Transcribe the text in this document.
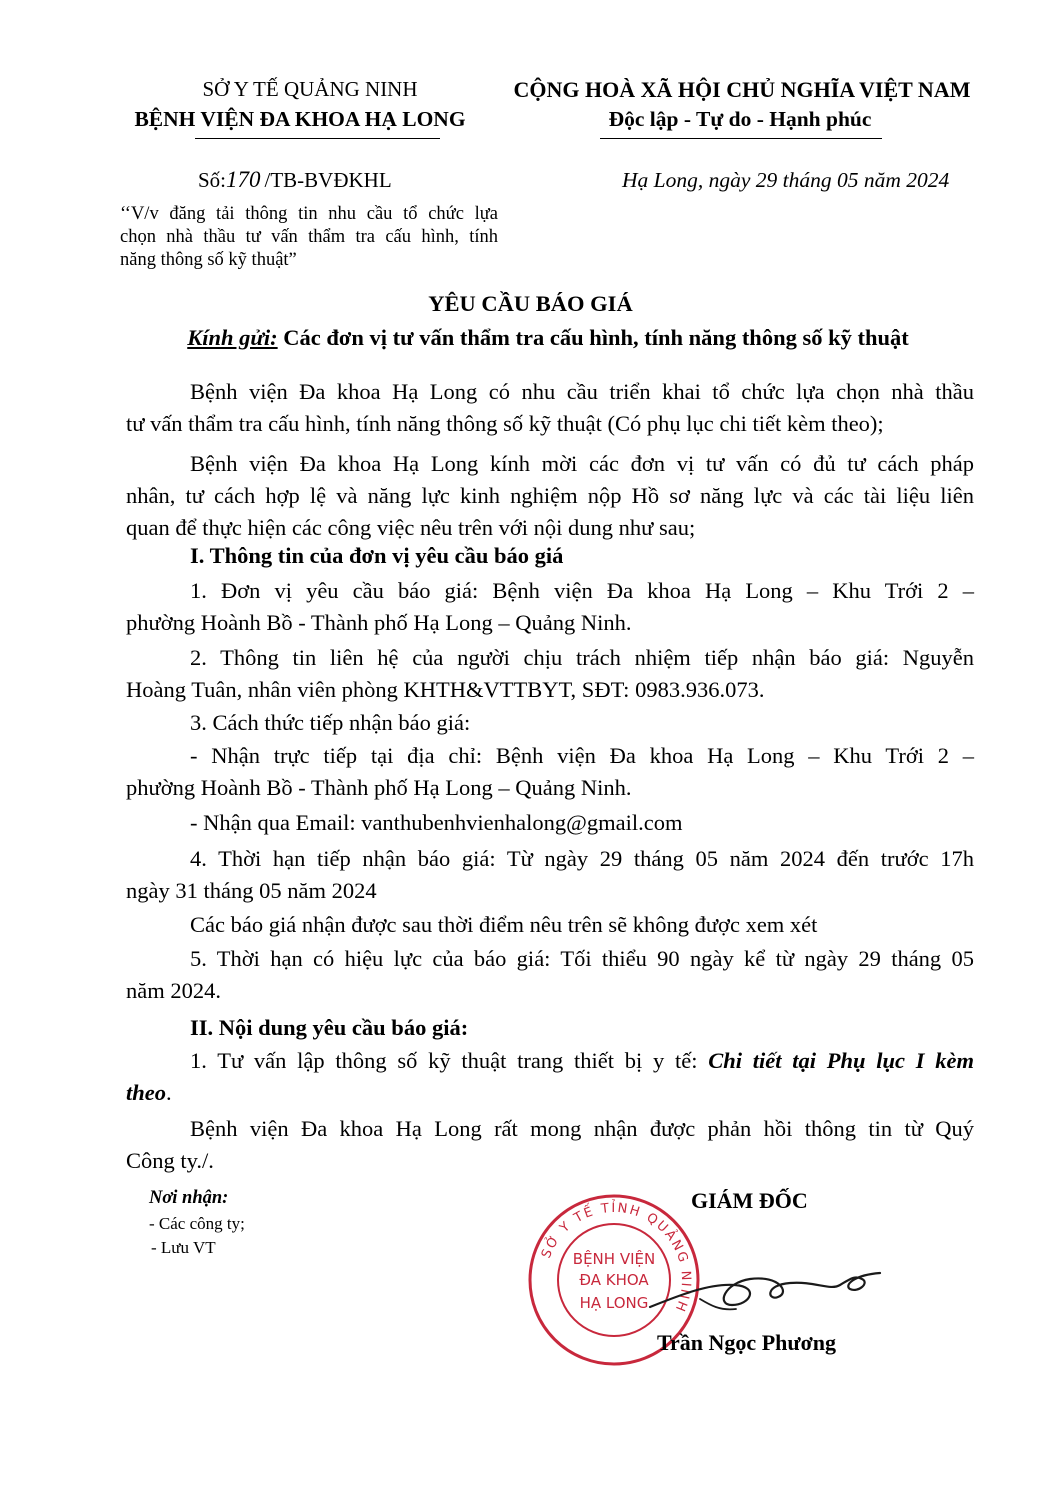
SỞ Y TẾ QUẢNG NINH
BỆNH VIỆN ĐA KHOA HẠ LONG
Số:170 /TB-BVĐKHL
‘‘V/v đăng tải thông tin nhu cầu tổ chức lựa
chọn nhà thầu tư vấn thẩm tra cấu hình, tính
năng thông số kỹ thuật”
CỘNG HOÀ XÃ HỘI CHỦ NGHĨA VIỆT NAM
Độc lập - Tự do - Hạnh phúc
Hạ Long, ngày 29 tháng 05 năm 2024
YÊU CẦU BÁO GIÁ
Kính gửi: Các đơn vị tư vấn thẩm tra cấu hình, tính năng thông số kỹ thuật
Bệnh viện Đa khoa Hạ Long có nhu cầu triển khai tổ chức lựa chọn nhà thầu
tư vấn thẩm tra cấu hình, tính năng thông số kỹ thuật (Có phụ lục chi tiết kèm theo);
Bệnh viện Đa khoa Hạ Long kính mời các đơn vị tư vấn có đủ tư cách pháp
nhân, tư cách hợp lệ và năng lực kinh nghiệm nộp Hồ sơ năng lực và các tài liệu liên
quan để thực hiện các công việc nêu trên với nội dung như sau;
I. Thông tin của đơn vị yêu cầu báo giá
1. Đơn vị yêu cầu báo giá: Bệnh viện Đa khoa Hạ Long – Khu Trới 2 –
phường Hoành Bồ - Thành phố Hạ Long – Quảng Ninh.
2. Thông tin liên hệ của người chịu trách nhiệm tiếp nhận báo giá: Nguyễn
Hoàng Tuân, nhân viên phòng KHTH&VTTBYT, SĐT: 0983.936.073.
3. Cách thức tiếp nhận báo giá:
- Nhận trực tiếp tại địa chỉ: Bệnh viện Đa khoa Hạ Long – Khu Trới 2 –
phường Hoành Bồ - Thành phố Hạ Long – Quảng Ninh.
- Nhận qua Email: vanthubenhvienhalong@gmail.com
4. Thời hạn tiếp nhận báo giá: Từ ngày 29 tháng 05 năm 2024 đến trước 17h
ngày 31 tháng 05 năm 2024
Các báo giá nhận được sau thời điểm nêu trên sẽ không được xem xét
5. Thời hạn có hiệu lực của báo giá: Tối thiểu 90 ngày kể từ ngày 29 tháng 05
năm 2024.
II. Nội dung yêu cầu báo giá:
1. Tư vấn lập thông số kỹ thuật trang thiết bị y tế: Chi tiết tại Phụ lục I kèm
theo.
Bệnh viện Đa khoa Hạ Long rất mong nhận được phản hồi thông tin từ Quý
Công ty./.
Nơi nhận:
- Các công ty;
- Lưu VT
GIÁM ĐỐC
SỞ Y TẾ TỈNH QUẢNG NINH
BỆNH VIỆN
ĐA KHOA
HẠ LONG
Trần Ngọc Phương
